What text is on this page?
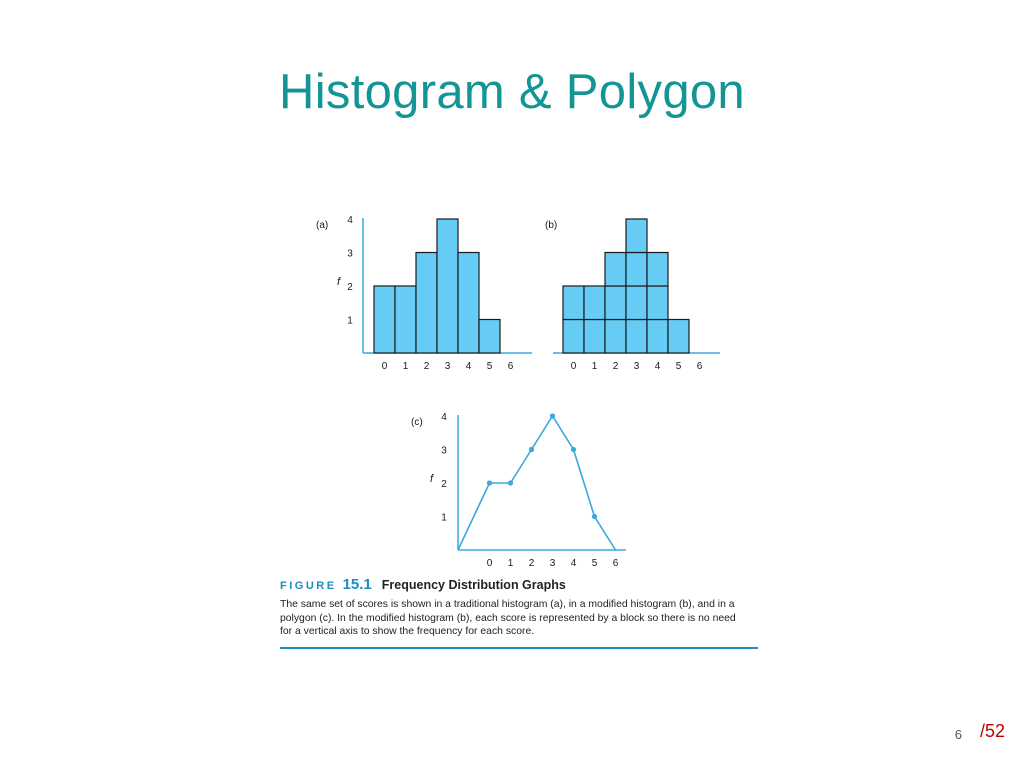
Histogram & Polygon
(a)
1
2
3
4
f
0 1 2 3 4 5 6
(b)
0 1 2 3 4 5 6
(c)
1
2
3
4
f
0 1 2 3 4 5 6
FIGURE 15.1 Frequency Distribution Graphs
The same set of scores is shown in a traditional histogram (a), in a modified histogram (b), and in a polygon (c). In the modified histogram (b), each score is represented by a block so there is no need for a vertical axis to show the frequency for each score.
6 /52
